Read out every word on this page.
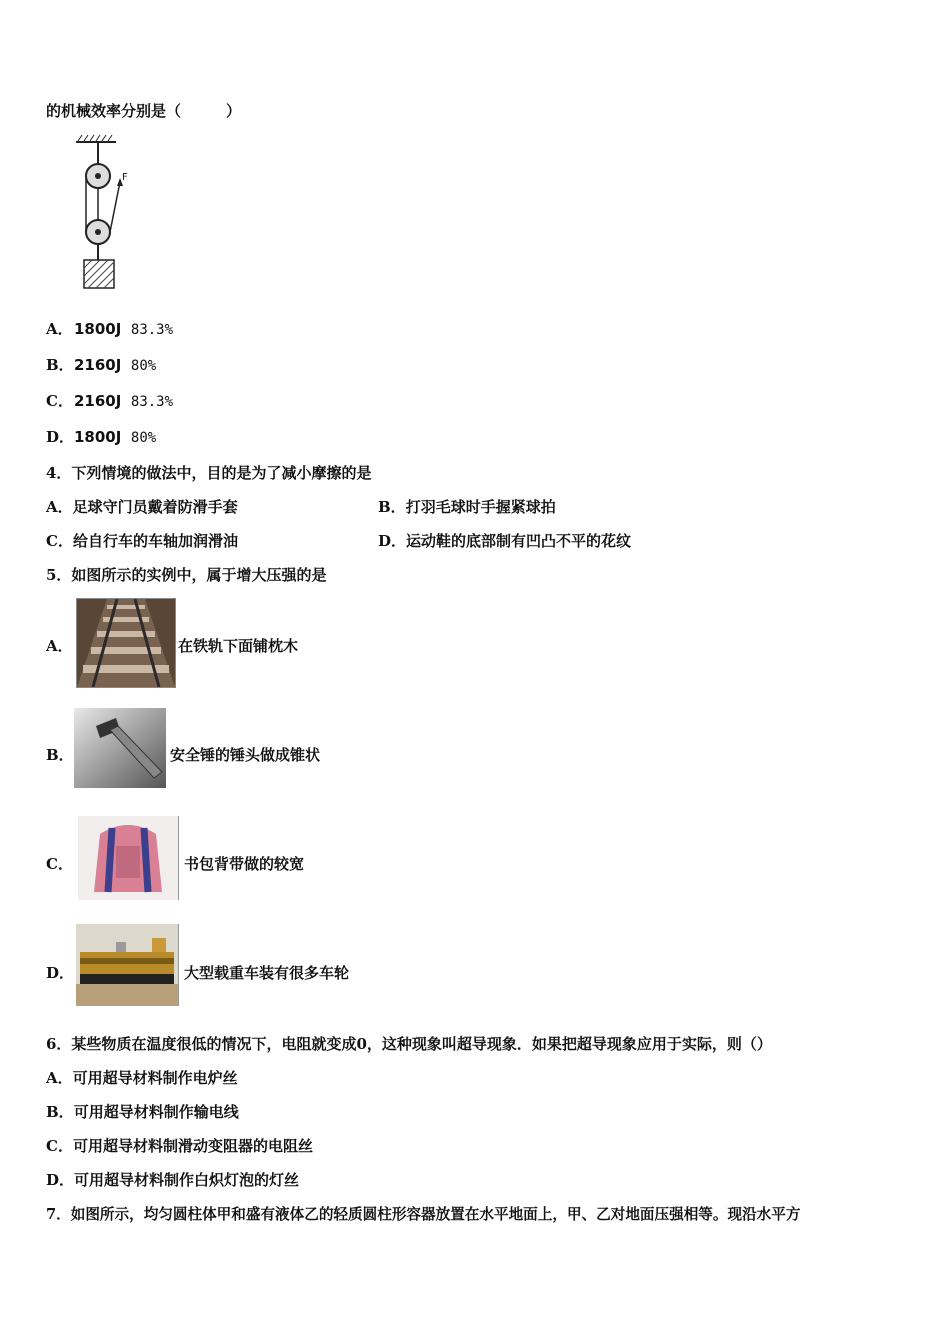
的机械效率分别是（　　　）
F
A．1800J 83.3%
B．2160J 80%
C．2160J 83.3%
D．1800J 80%
4．下列情境的做法中，目的是为了减小摩擦的是
A．足球守门员戴着防滑手套	B．打羽毛球时手握紧球拍
C．给自行车的车轴加润滑油	D．运动鞋的底部制有凹凸不平的花纹
5．如图所示的实例中，属于增大压强的是
A．	在铁轨下面铺枕木
B．	安全锤的锤头做成锥状
C．	书包背带做的较宽
D．	大型载重车装有很多车轮
6．某些物质在温度很低的情况下，电阻就变成0，这种现象叫超导现象．如果把超导现象应用于实际，则（）
A．可用超导材料制作电炉丝
B．可用超导材料制作输电线
C．可用超导材料制滑动变阻器的电阻丝
D．可用超导材料制作白炽灯泡的灯丝
7．如图所示，均匀圆柱体甲和盛有液体乙的轻质圆柱形容器放置在水平地面上，甲、乙对地面压强相等。现沿水平方
